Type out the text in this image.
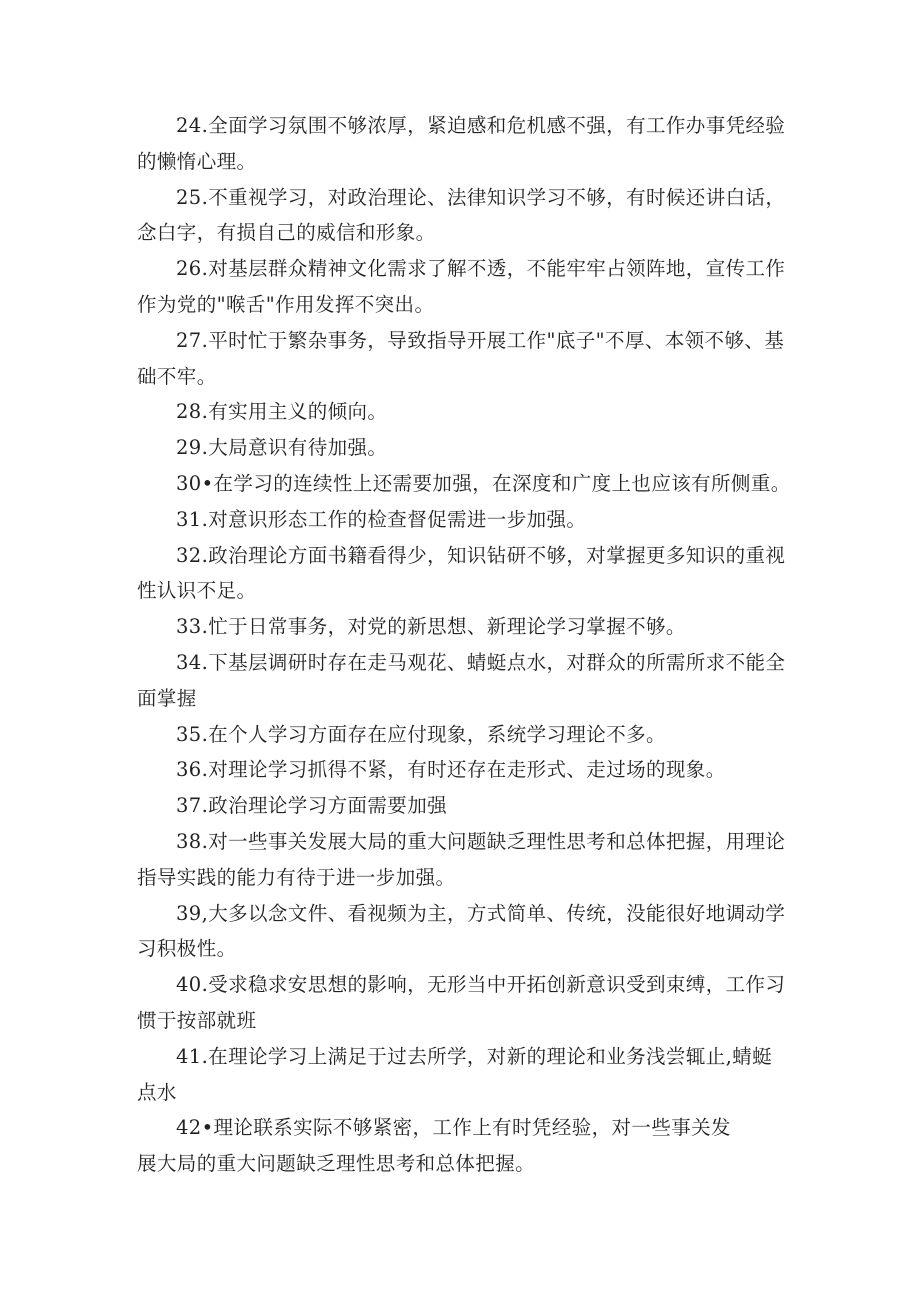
24.全面学习氛围不够浓厚，紧迫感和危机感不强，有工作办事凭经验
的懒惰心理。

25.不重视学习，对政治理论、法律知识学习不够，有时候还讲白话，
念白字，有损自己的威信和形象。

26.对基层群众精神文化需求了解不透，不能牢牢占领阵地，宣传工作
作为党的"喉舌"作用发挥不突出。

27.平时忙于繁杂事务，导致指导开展工作"底子"不厚、本领不够、基
础不牢。

28.有实用主义的倾向。

29.大局意识有待加强。

30•在学习的连续性上还需要加强，在深度和广度上也应该有所侧重。

31.对意识形态工作的检查督促需进一步加强。

32.政治理论方面书籍看得少，知识钻研不够，对掌握更多知识的重视
性认识不足。

33.忙于日常事务，对党的新思想、新理论学习掌握不够。

34.下基层调研时存在走马观花、蜻蜓点水，对群众的所需所求不能全
面掌握

35.在个人学习方面存在应付现象，系统学习理论不多。

36.对理论学习抓得不紧，有时还存在走形式、走过场的现象。

37.政治理论学习方面需要加强

38.对一些事关发展大局的重大问题缺乏理性思考和总体把握，用理论
指导实践的能力有待于进一步加强。

39,大多以念文件、看视频为主，方式简单、传统，没能很好地调动学
习积极性。

40.受求稳求安思想的影响，无形当中开拓创新意识受到束缚，工作习
惯于按部就班

41.在理论学习上满足于过去所学，对新的理论和业务浅尝辄止,蜻蜓
点水

42•理论联系实际不够紧密，工作上有时凭经验，对一些事关发
展大局的重大问题缺乏理性思考和总体把握。
